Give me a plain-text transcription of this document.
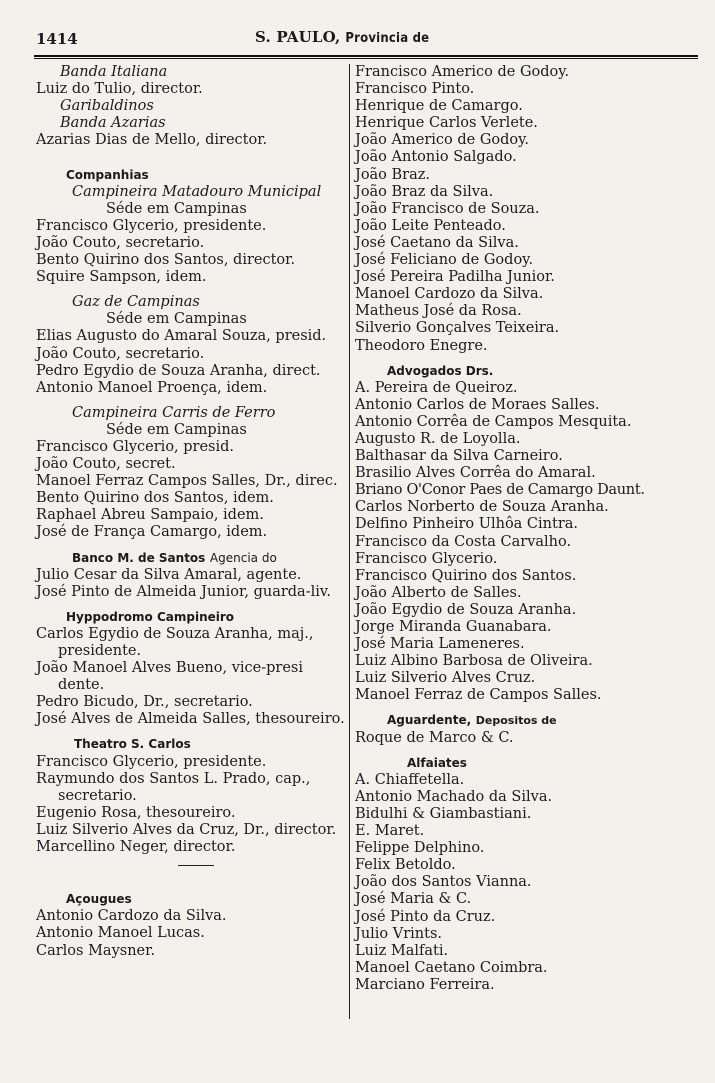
1414	S. PAULO, Provincia de
Banda Italiana
Luiz do Tulio, director.
Garibaldinos
Banda Azarias
Azarias Dias de Mello, director.
Companhias
Campineira Matadouro Municipal
Séde em Campinas
Francisco Glycerio, presidente.
João Couto, secretario.
Bento Quirino dos Santos, director.
Squire Sampson, idem.
Gaz de Campinas
Séde em Campinas
Elias Augusto do Amaral Souza, presid.
João Couto, secretario.
Pedro Egydio de Souza Aranha, direct.
Antonio Manoel Proença, idem.
Campineira Carris de Ferro
Séde em Campinas
Francisco Glycerio, presid.
João Couto, secret.
Manoel Ferraz Campos Salles, Dr., direc.
Bento Quirino dos Santos, idem.
Raphael Abreu Sampaio, idem.
José de França Camargo, idem.
Banco M. de Santos Agencia do
Julio Cesar da Silva Amaral, agente.
José Pinto de Almeida Junior, guarda-liv.
Hyppodromo Campineiro
Carlos Egydio de Souza Aranha, maj.,
presidente.
João Manoel Alves Bueno, vice-presi
dente.
Pedro Bicudo, Dr., secretario.
José Alves de Almeida Salles, thesoureiro.
Theatro S. Carlos
Francisco Glycerio, presidente.
Raymundo dos Santos L. Prado, cap.,
secretario.
Eugenio Rosa, thesoureiro.
Luiz Silverio Alves da Cruz, Dr., director.
Marcellino Neger, director.
Açougues
Antonio Cardozo da Silva.
Antonio Manoel Lucas.
Carlos Maysner.
Francisco Americo de Godoy.
Francisco Pinto.
Henrique de Camargo.
Henrique Carlos Verlete.
João Americo de Godoy.
João Antonio Salgado.
João Braz.
João Braz da Silva.
João Francisco de Souza.
João Leite Penteado.
José Caetano da Silva.
José Feliciano de Godoy.
José Pereira Padilha Junior.
Manoel Cardozo da Silva.
Matheus José da Rosa.
Silverio Gonçalves Teixeira.
Theodoro Enegre.
Advogados Drs.
A. Pereira de Queiroz.
Antonio Carlos de Moraes Salles.
Antonio Corrêa de Campos Mesquita.
Augusto R. de Loyolla.
Balthasar da Silva Carneiro.
Brasilio Alves Corrêa do Amaral.
Briano O'Conor Paes de Camargo Daunt.
Carlos Norberto de Souza Aranha.
Delfino Pinheiro Ulhôa Cintra.
Francisco da Costa Carvalho.
Francisco Glycerio.
Francisco Quirino dos Santos.
João Alberto de Salles.
João Egydio de Souza Aranha.
Jorge Miranda Guanabara.
José Maria Lameneres.
Luiz Albino Barbosa de Oliveira.
Luiz Silverio Alves Cruz.
Manoel Ferraz de Campos Salles.
Aguardente, Depositos de
Roque de Marco & C.
Alfaiates
A. Chiaffetella.
Antonio Machado da Silva.
Bidulhi & Giambastiani.
E. Maret.
Felippe Delphino.
Felix Betoldo.
João dos Santos Vianna.
José Maria & C.
José Pinto da Cruz.
Julio Vrints.
Luiz Malfati.
Manoel Caetano Coimbra.
Marciano Ferreira.
